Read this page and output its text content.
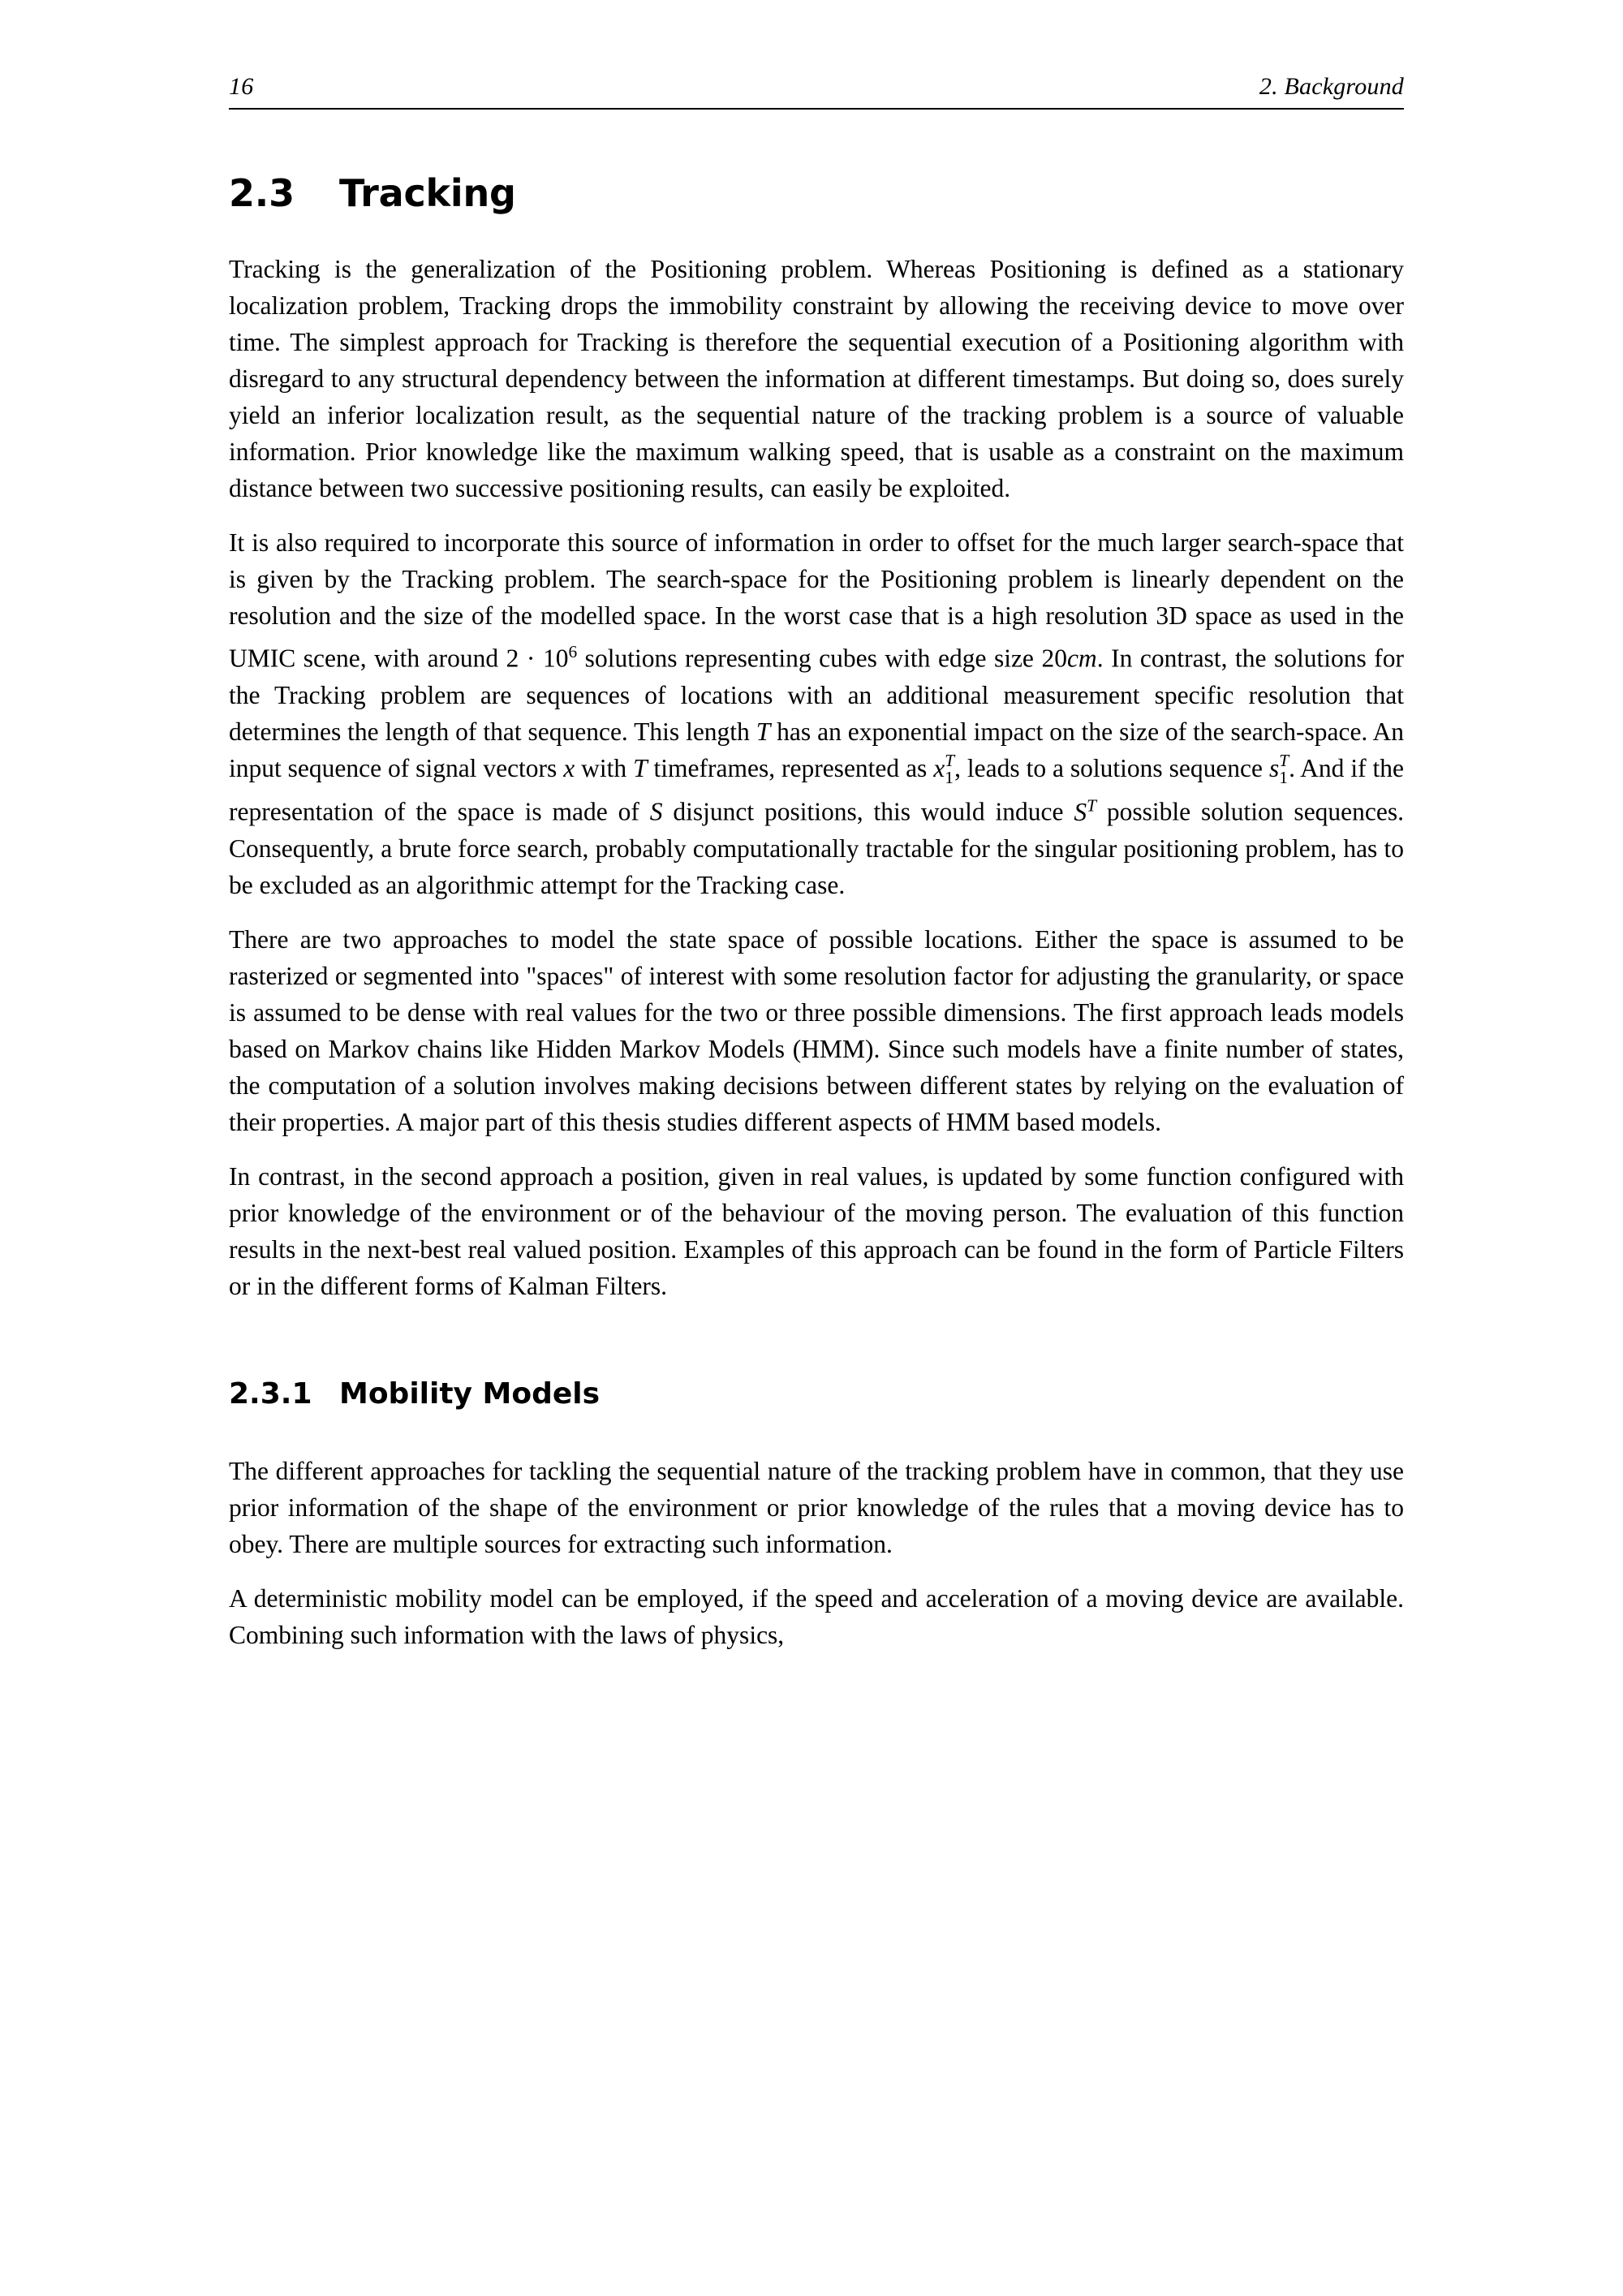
16	2. Background
2.3	Tracking

Tracking is the generalization of the Positioning problem. Whereas Positioning is defined as a stationary localization problem, Tracking drops the immobility constraint by allowing the receiving device to move over time. The simplest approach for Tracking is therefore the sequential execution of a Positioning algorithm with disregard to any structural dependency between the information at different timestamps. But doing so, does surely yield an inferior localization result, as the sequential nature of the tracking problem is a source of valuable information. Prior knowledge like the maximum walking speed, that is usable as a constraint on the maximum distance between two successive positioning results, can easily be exploited.

It is also required to incorporate this source of information in order to offset for the much larger search-space that is given by the Tracking problem. The search-space for the Positioning problem is linearly dependent on the resolution and the size of the modelled space. In the worst case that is a high resolution 3D space as used in the UMIC scene, with around $2 \cdot 10^6$ solutions representing cubes with edge size 20cm. In contrast, the solutions for the Tracking problem are sequences of locations with an additional measurement specific resolution that determines the length of that sequence. This length T has an exponential impact on the size of the search-space. An input sequence of signal vectors x with T timeframes, represented as x T
1 , leads to a solutions sequence s T
1 . And if the representation of the space is made of S disjunct positions, this would induce $S^T$ possible solution sequences. Consequently, a brute force search, probably computationally tractable for the singular positioning problem, has to be excluded as an algorithmic attempt for the Tracking case.

There are two approaches to model the state space of possible locations. Either the space is assumed to be rasterized or segmented into "spaces" of interest with some resolution factor for adjusting the granularity, or space is assumed to be dense with real values for the two or three possible dimensions. The first approach leads models based on Markov chains like Hidden Markov Models (HMM). Since such models have a finite number of states, the computation of a solution involves making decisions between different states by relying on the evaluation of their properties. A major part of this thesis studies different aspects of HMM based models.

In contrast, in the second approach a position, given in real values, is updated by some function configured with prior knowledge of the environment or of the behaviour of the moving person. The evaluation of this function results in the next-best real valued position. Examples of this approach can be found in the form of Particle Filters or in the different forms of Kalman Filters.

2.3.1 Mobility Models

The different approaches for tackling the sequential nature of the tracking problem have in common, that they use prior information of the shape of the environment or prior knowledge of the rules that a moving device has to obey. There are multiple sources for extracting such information.

A deterministic mobility model can be employed, if the speed and acceleration of a moving device are available. Combining such information with the laws of physics,
